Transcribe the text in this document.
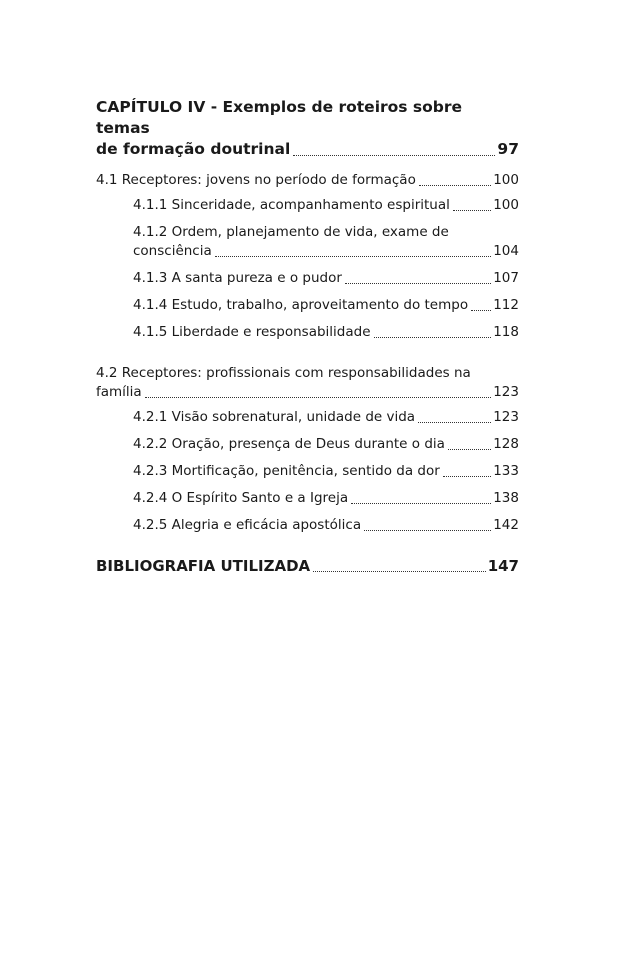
CAPÍTULO IV - Exemplos de roteiros sobre temas
de formação doutrinal	97
4.1 Receptores: jovens no período de formação	100
4.1.1 Sinceridade, acompanhamento espiritual	100
4.1.2 Ordem, planejamento de vida, exame de
consciência	104
4.1.3 A santa pureza e o pudor	107
4.1.4 Estudo, trabalho, aproveitamento do tempo 112
4.1.5 Liberdade e responsabilidade	118
4.2 Receptores: profissionais com responsabilidades na
família	123
4.2.1 Visão sobrenatural, unidade de vida	123
4.2.2 Oração, presença de Deus durante o dia	128
4.2.3 Mortificação, penitência, sentido da dor	133
4.2.4 O Espírito Santo e a Igreja	138
4.2.5 Alegria e eficácia apostólica	142
BIBLIOGRAFIA UTILIZADA	147
